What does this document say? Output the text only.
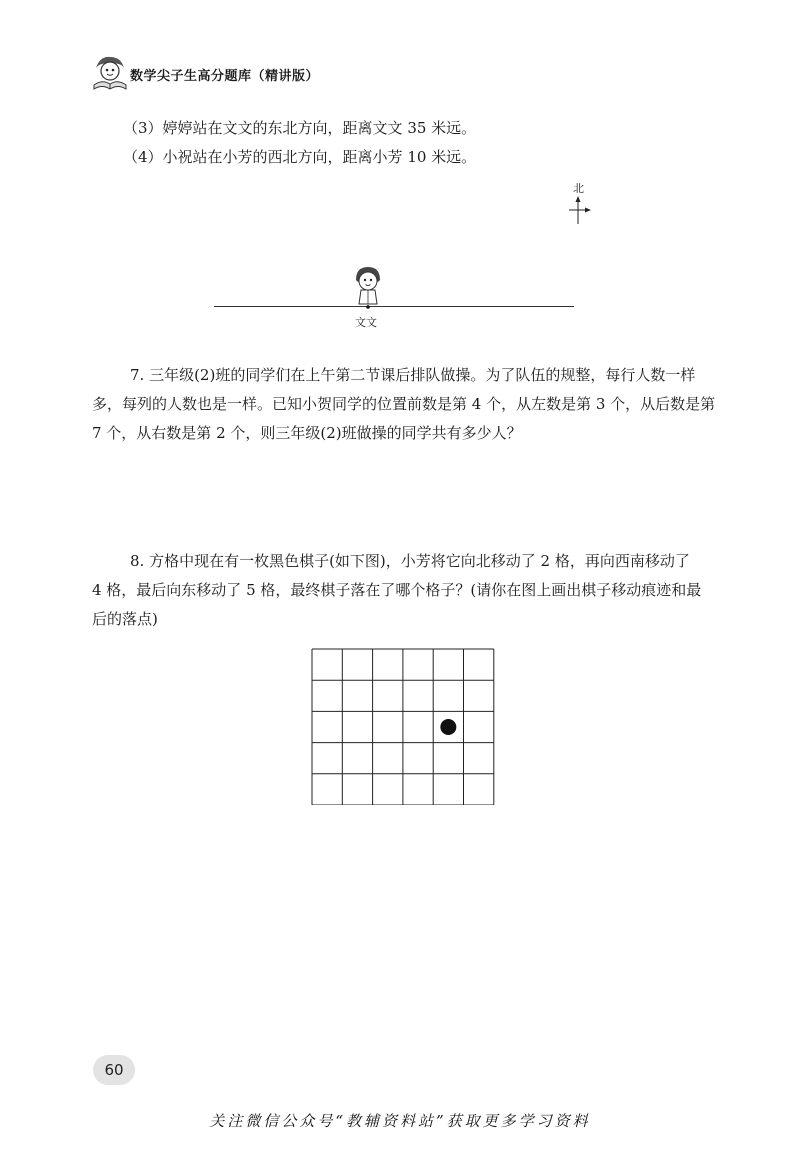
数学尖子生高分题库（精讲版）
（3）婷婷站在文文的东北方向，距离文文 35 米远。
（4）小祝站在小芳的西北方向，距离小芳 10 米远。
北
文文
7. 三年级(2)班的同学们在上午第二节课后排队做操。为了队伍的规整，每行人数一样
多，每列的人数也是一样。已知小贺同学的位置前数是第 4 个，从左数是第 3 个，从后数是第
7 个，从右数是第 2 个，则三年级(2)班做操的同学共有多少人？
8. 方格中现在有一枚黑色棋子(如下图)，小芳将它向北移动了 2 格，再向西南移动了
4 格，最后向东移动了 5 格，最终棋子落在了哪个格子？(请你在图上画出棋子移动痕迹和最
后的落点)
60
关注微信公众号“教辅资料站”获取更多学习资料
